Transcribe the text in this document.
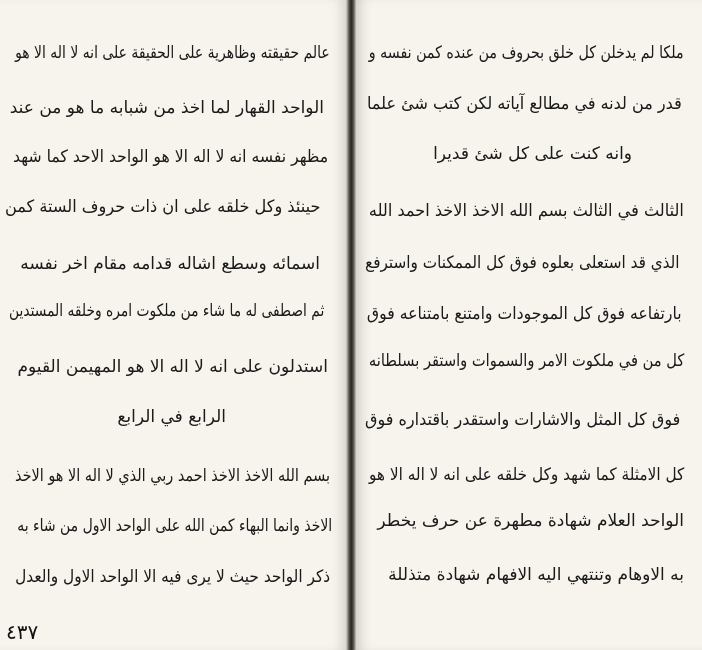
عالم حقيقته وظاهرية على الحقيقة على انه لا اله الا هو
الواحد القهار لما اخذ من شبابه ما هو من عند
مظهر نفسه انه لا اله الا هو الواحد الاحد كما شهد
حينئذ وكل خلقه على ان ذات حروف الستة كمن
اسمائه وسطع اشاله قدامه مقام اخر نفسه
ثم اصطفى له ما شاء من ملكوت امره وخلقه المستدين
استدلون على انه لا اله الا هو المهيمن القيوم
الرابع في الرابع
بسم الله الاخذ الاخذ احمد ربي الذي لا اله الا هو الاخذ
الاخذ وانما البهاء كمن الله على الواحد الاول من شاء به
ذكر الواحد حيث لا يرى فيه الا الواحد الاول والعدل
٤٣٧
ملكا لم يدخلن كل خلق بحروف من عنده كمن نفسه و
قدر من لدنه في مطالع آياته لكن كتب شئ علما
وانه كنت على كل شئ قديرا
الثالث في الثالث بسم الله الاخذ الاخذ احمد الله
الذي قد استعلى بعلوه فوق كل الممكنات واسترفع
بارتفاعه فوق كل الموجودات وامتنع بامتناعه فوق
كل من في ملكوت الامر والسموات واستقر بسلطانه
فوق كل المثل والاشارات واستقدر باقتداره فوق
كل الامثلة كما شهد وكل خلقه على انه لا اله الا هو
الواحد العلام شهادة مطهرة عن حرف يخطر
به الاوهام وتنتهي اليه الافهام شهادة متذللة
